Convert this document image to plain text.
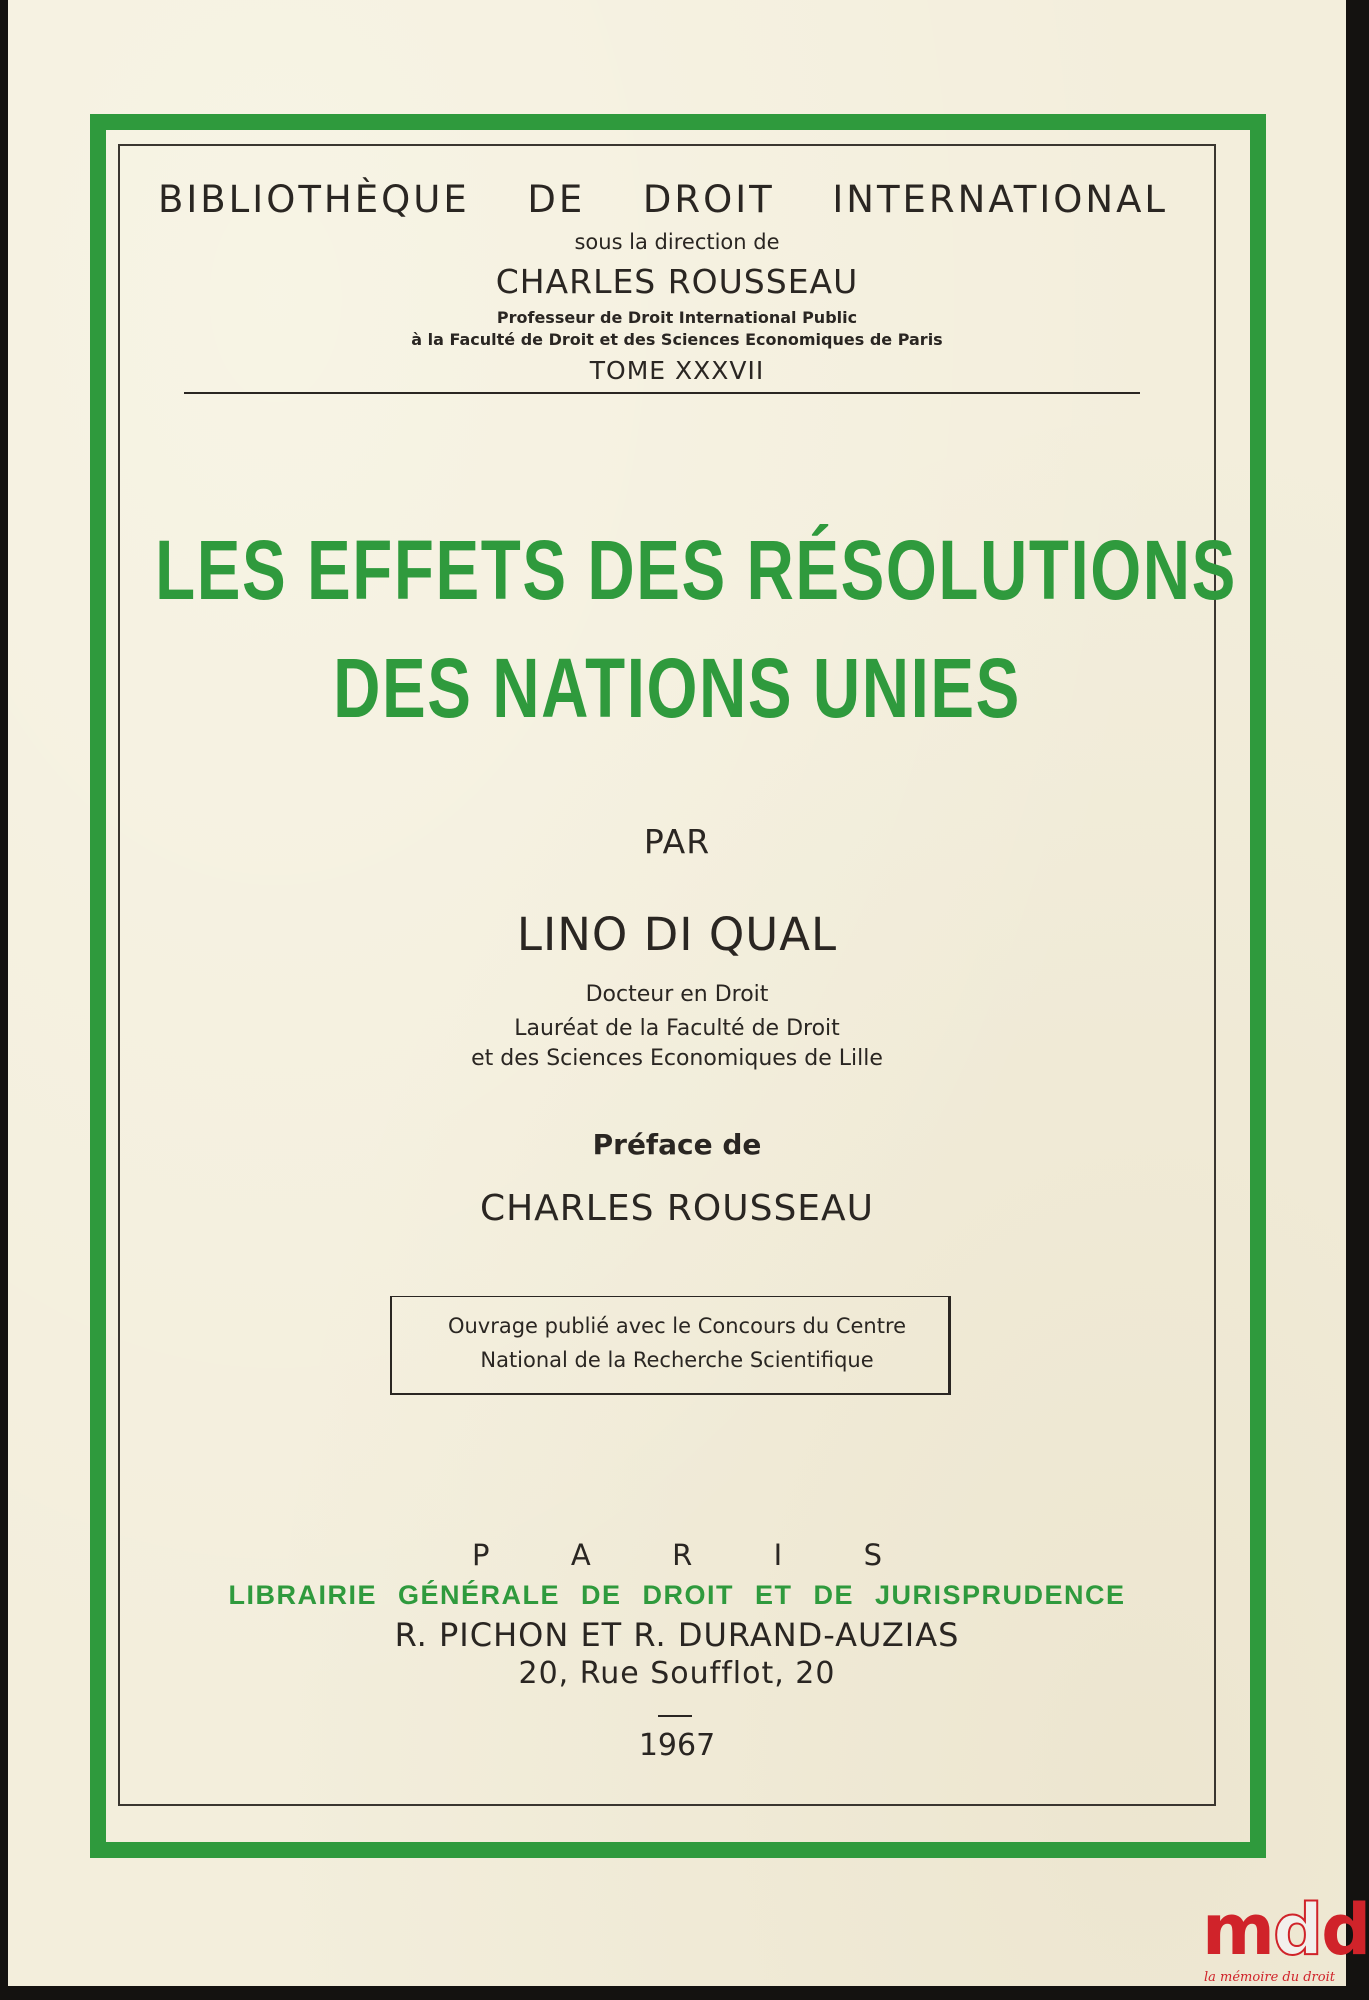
BIBLIOTHÈQUE DE DROIT INTERNATIONAL
sous la direction de
CHARLES ROUSSEAU
Professeur de Droit International Public
à la Faculté de Droit et des Sciences Economiques de Paris
TOME XXXVII
LES EFFETS DES RÉSOLUTIONS
DES NATIONS UNIES
PAR
LINO DI QUAL
Docteur en Droit
Lauréat de la Faculté de Droit
et des Sciences Economiques de Lille
Préface de
CHARLES ROUSSEAU
Ouvrage publié avec le Concours du Centre
National de la Recherche Scientifique
P	A	R	I	S
LIBRAIRIE GÉNÉRALE DE DROIT ET DE JURISPRUDENCE
R. PICHON ET R. DURAND-AUZIAS
20, Rue Soufflot, 20
1967
mdd
la mémoire du droit
